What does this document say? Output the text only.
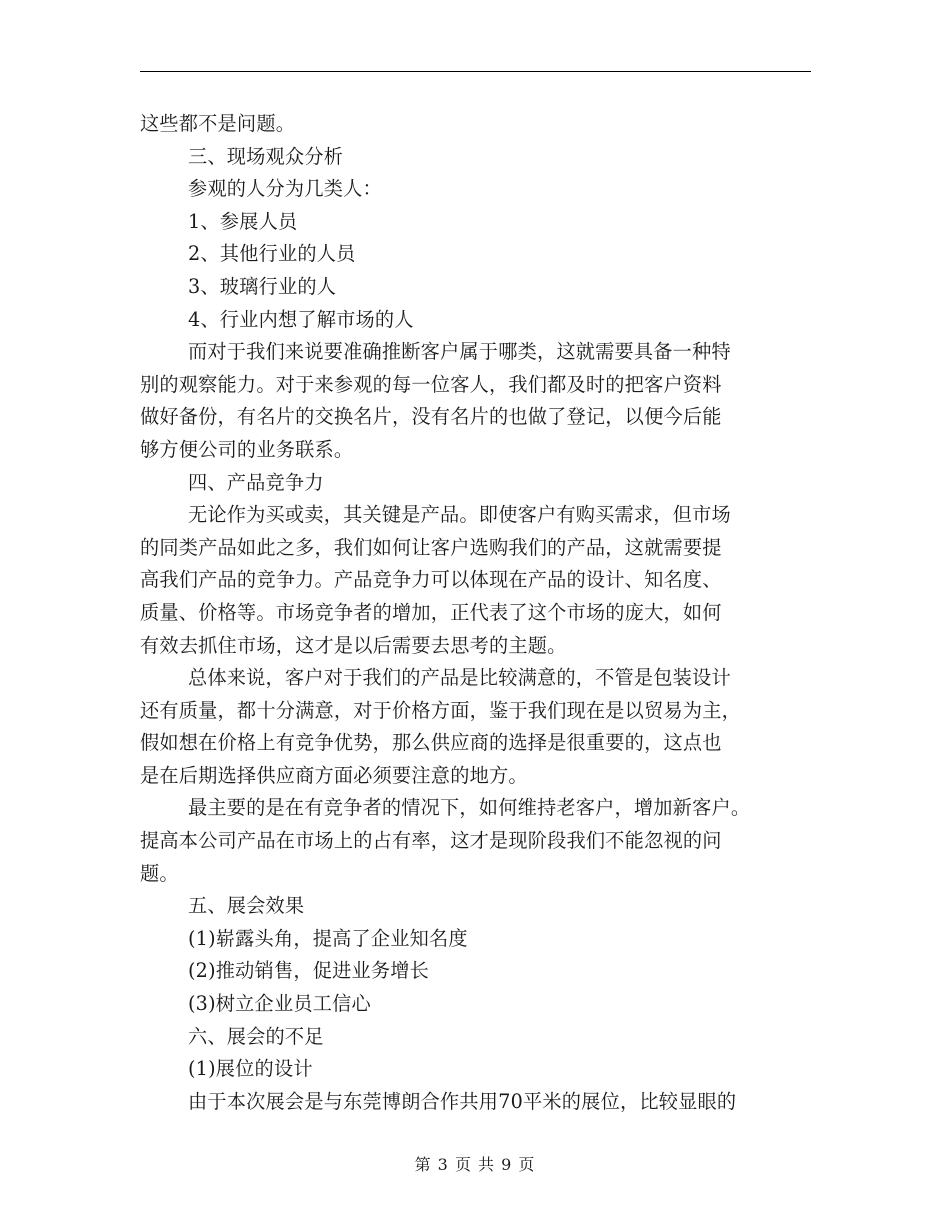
这些都不是问题。
三、现场观众分析
参观的人分为几类人：
1、参展人员
2、其他行业的人员
3、玻璃行业的人
4、行业内想了解市场的人
而对于我们来说要准确推断客户属于哪类，这就需要具备一种特
别的观察能力。对于来参观的每一位客人，我们都及时的把客户资料
做好备份，有名片的交换名片，没有名片的也做了登记，以便今后能
够方便公司的业务联系。
四、产品竞争力
无论作为买或卖，其关键是产品。即使客户有购买需求，但市场
的同类产品如此之多，我们如何让客户选购我们的产品，这就需要提
高我们产品的竞争力。产品竞争力可以体现在产品的设计、知名度、
质量、价格等。市场竞争者的增加，正代表了这个市场的庞大，如何
有效去抓住市场，这才是以后需要去思考的主题。
总体来说，客户对于我们的产品是比较满意的，不管是包装设计
还有质量，都十分满意，对于价格方面，鉴于我们现在是以贸易为主，
假如想在价格上有竞争优势，那么供应商的选择是很重要的，这点也
是在后期选择供应商方面必须要注意的地方。
最主要的是在有竞争者的情况下，如何维持老客户，增加新客户。
提高本公司产品在市场上的占有率，这才是现阶段我们不能忽视的问
题。
五、展会效果
(1)崭露头角，提高了企业知名度
(2)推动销售，促进业务增长
(3)树立企业员工信心
六、展会的不足
(1)展位的设计
由于本次展会是与东莞博朗合作共用70平米的展位，比较显眼的
第 3 页 共 9 页
